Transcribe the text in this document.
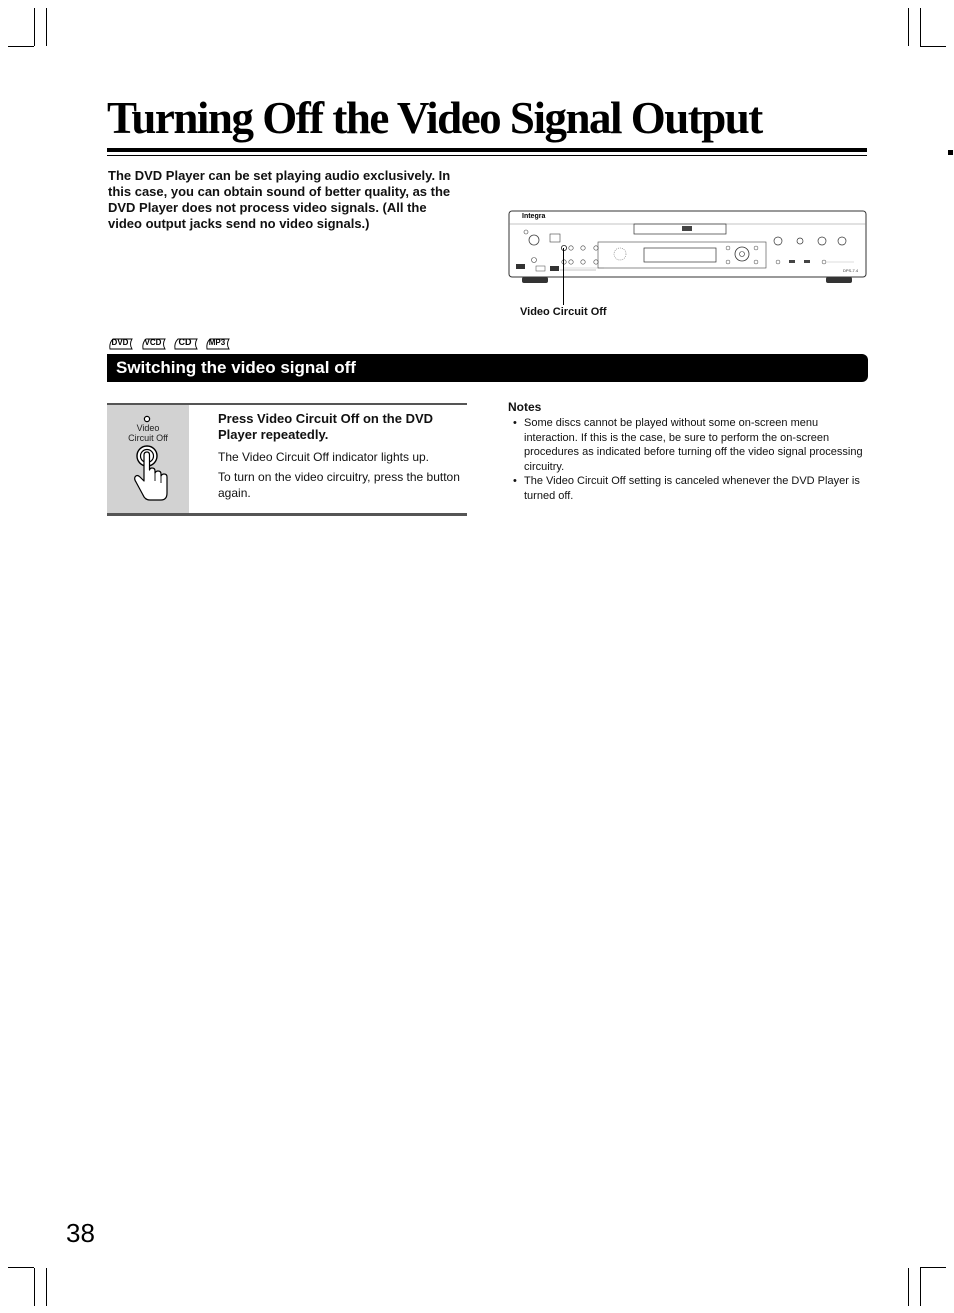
Turning Off the Video Signal Output

The DVD Player can be set playing audio exclusively. In this case, you can obtain sound of better quality, as the DVD Player does not process video signals. (All the video output jacks send no video signals.)	Integra
DPS-7.4
Video Circuit Off
DVD	VCD	CD	MP3
Switching the video signal off
Video Circuit Off
Press Video Circuit Off on the DVD Player repeatedly.

The Video Circuit Off indicator lights up.

To turn on the video circuitry, press the button again.

Notes
• Some discs cannot be played without some on-screen menu interaction. If this is the case, be sure to perform the on-screen procedures as indicated before turning off the video signal processing circuitry.
• The Video Circuit Off setting is canceled whenever the DVD Player is turned off.
38
